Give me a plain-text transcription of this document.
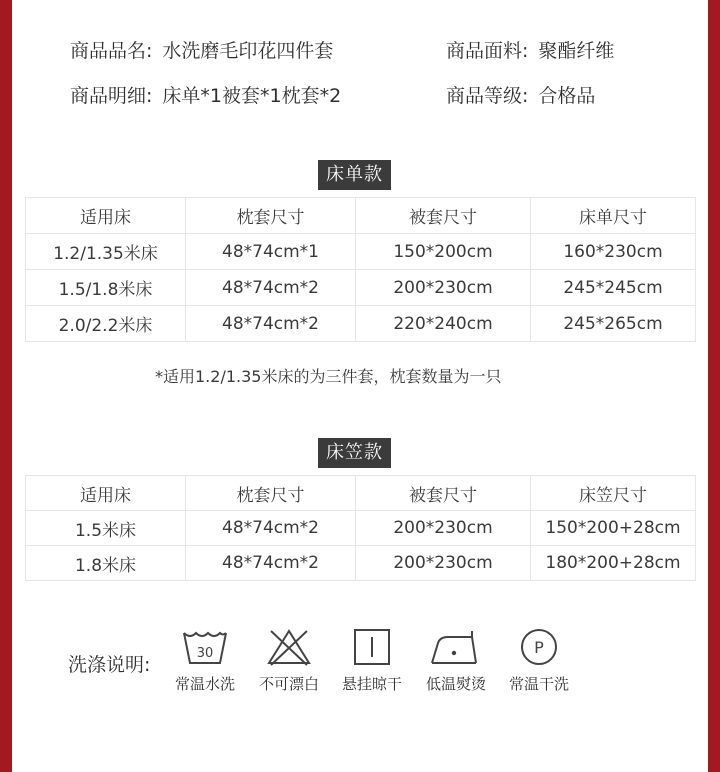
商品品名: 水洗磨毛印花四件套	商品面料: 聚酯纤维
商品明细: 床单*1被套*1枕套*2	商品等级: 合格品
床单款
适用床	枕套尺寸	被套尺寸	床单尺寸
1.2/1.35米床	48*74cm*1	150*200cm	160*230cm
1.5/1.8米床	48*74cm*2	200*230cm	245*245cm
2.0/2.2米床	48*74cm*2	220*240cm	245*265cm
*适用1.2/1.35米床的为三件套，枕套数量为一只
床笠款
适用床	枕套尺寸	被套尺寸	床笠尺寸
1.5米床	48*74cm*2	200*230cm	150*200+28cm
1.8米床	48*74cm*2	200*230cm	180*200+28cm
洗涤说明:
30
常温水洗	不可漂白	悬挂晾干	低温熨烫
P
常温干洗
